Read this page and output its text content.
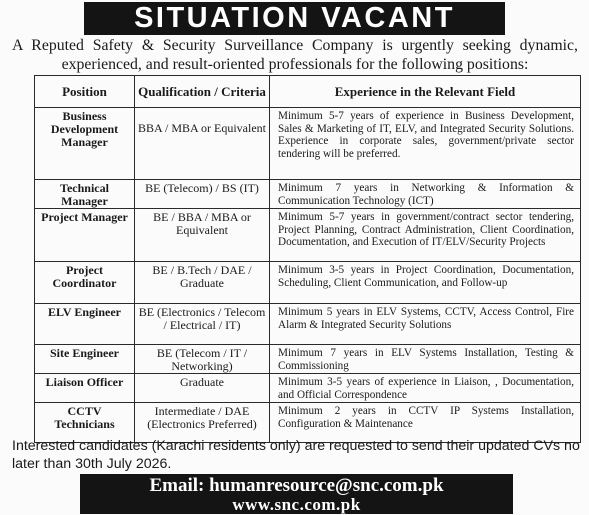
SITUATION VACANT

A Reputed Safety & Security Surveillance Company is urgently seeking dynamic, experienced, and result-oriented professionals for the following positions:

Position	Qualification / Criteria	Experience in the Relevant Field
Business Development Manager	BBA / MBA or Equivalent	Minimum 5-7 years of experience in Business Development, Sales & Marketing of IT, ELV, and Integrated Security Solutions. Experience in corporate sales, government/private sector tendering will be preferred.
Technical Manager	BE (Telecom) / BS (IT)	Minimum 7 years in Networking & Information & Communication Technology (ICT)
Project Manager	BE / BBA / MBA or Equivalent	Minimum 5-7 years in government/contract sector tendering, Project Planning, Contract Administration, Client Coordination, Documentation, and Execution of IT/ELV/Security Projects
Project Coordinator	BE / B.Tech / DAE / Graduate	Minimum 3-5 years in Project Coordination, Documentation, Scheduling, Client Communication, and Follow-up
ELV Engineer	BE (Electronics / Telecom / Electrical / IT)	Minimum 5 years in ELV Systems, CCTV, Access Control, Fire Alarm & Integrated Security Solutions
Site Engineer	BE (Telecom / IT / Networking)	Minimum 7 years in ELV Systems Installation, Testing & Commissioning
Liaison Officer	Graduate	Minimum 3-5 years of experience in Liaison, , Documentation, and Official Correspondence
CCTV Technicians	Intermediate / DAE (Electronics Preferred)	Minimum 2 years in CCTV IP Systems Installation, Configuration & Maintenance

Interested candidates (Karachi residents only) are requested to send their updated CVs no later than 30th July 2026.

Email: humanresource@snc.com.pk
www.snc.com.pk
